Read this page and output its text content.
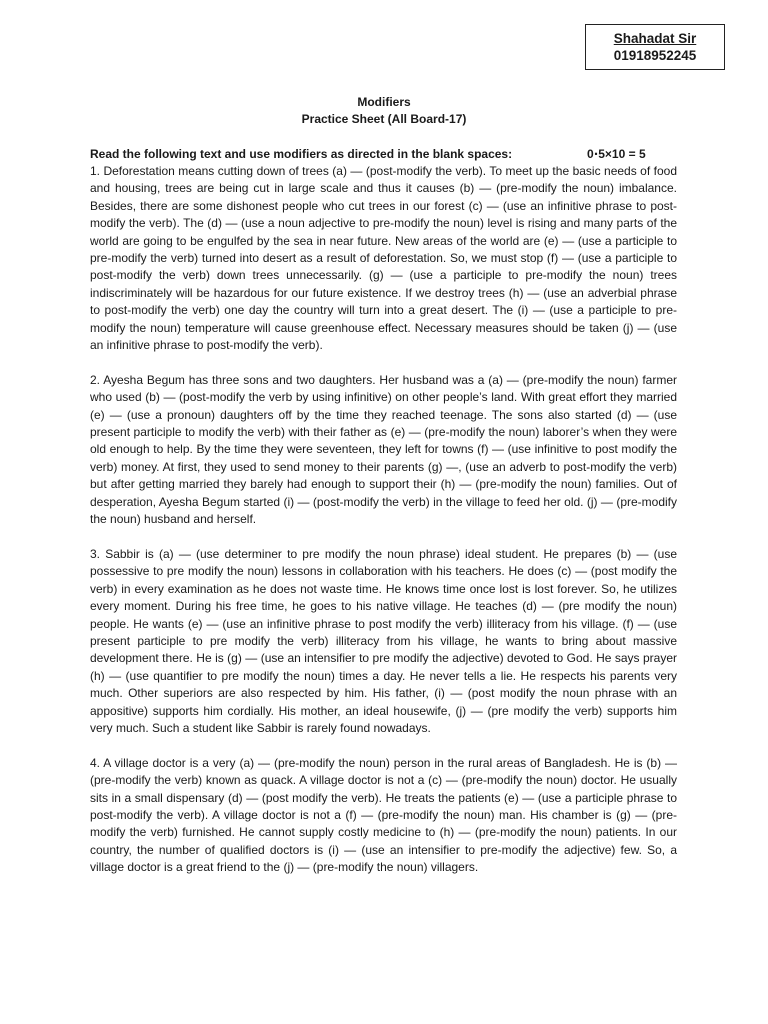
Shahadat Sir
01918952245
Modifiers
Practice Sheet (All Board-17)
Read the following text and use modifiers as directed in the blank spaces:	0⋅5×10 = 5

1. Deforestation means cutting down of trees (a) — (post-modify the verb). To meet up the basic needs of food and housing, trees are being cut in large scale and thus it causes (b) — (pre-modify the noun) imbalance. Besides, there are some dishonest people who cut trees in our forest (c) — (use an infinitive phrase to post-modify the verb). The (d) — (use a noun adjective to pre-modify the noun) level is rising and many parts of the world are going to be engulfed by the sea in near future. New areas of the world are (e) — (use a participle to pre-modify the verb) turned into desert as a result of deforestation. So, we must stop (f) — (use a participle to post-modify the verb) down trees unnecessarily. (g) — (use a participle to pre-modify the noun) trees indiscriminately will be hazardous for our future existence. If we destroy trees (h) — (use an adverbial phrase to post-modify the verb) one day the country will turn into a great desert. The (i) — (use a participle to pre-modify the noun) temperature will cause greenhouse effect. Necessary measures should be taken (j) — (use an infinitive phrase to post-modify the verb).

2. Ayesha Begum has three sons and two daughters. Her husband was a (a) — (pre-modify the noun) farmer who used (b) — (post-modify the verb by using infinitive) on other people’s land. With great effort they married (e) — (use a pronoun) daughters off by the time they reached teenage. The sons also started (d) — (use present participle to modify the verb) with their father as (e) — (pre-modify the noun) laborer’s when they were old enough to help. By the time they were seventeen, they left for towns (f) — (use infinitive to post modify the verb) money. At first, they used to send money to their parents (g) —, (use an adverb to post-modify the verb) but after getting married they barely had enough to support their (h) — (pre-modify the noun) families. Out of desperation, Ayesha Begum started (i) — (post-modify the verb) in the village to feed her old. (j) — (pre-modify the noun) husband and herself.

3. Sabbir is (a) — (use determiner to pre modify the noun phrase) ideal student. He prepares (b) — (use possessive to pre modify the noun) lessons in collaboration with his teachers. He does (c) — (post modify the verb) in every examination as he does not waste time. He knows time once lost is lost forever. So, he utilizes every moment. During his free time, he goes to his native village. He teaches (d) — (pre modify the noun) people. He wants (e) — (use an infinitive phrase to post modify the verb) illiteracy from his village. (f) — (use present participle to pre modify the verb) illiteracy from his village, he wants to bring about massive development there. He is (g) — (use an intensifier to pre modify the adjective) devoted to God. He says prayer (h) — (use quantifier to pre modify the noun) times a day. He never tells a lie. He respects his parents very much. Other superiors are also respected by him. His father, (i) — (post modify the noun phrase with an appositive) supports him cordially. His mother, an ideal housewife, (j) — (pre modify the verb) supports him very much. Such a student like Sabbir is rarely found nowadays.

4. A village doctor is a very (a) — (pre-modify the noun) person in the rural areas of Bangladesh. He is (b) — (pre-modify the verb) known as quack. A village doctor is not a (c) — (pre-modify the noun) doctor. He usually sits in a small dispensary (d) — (post modify the verb). He treats the patients (e) — (use a participle phrase to post-modify the verb). A village doctor is not a (f) — (pre-modify the noun) man. His chamber is (g) — (pre-modify the verb) furnished. He cannot supply costly medicine to (h) — (pre-modify the noun) patients. In our country, the number of qualified doctors is (i) — (use an intensifier to pre-modify the adjective) few. So, a village doctor is a great friend to the (j) — (pre-modify the noun) villagers.
